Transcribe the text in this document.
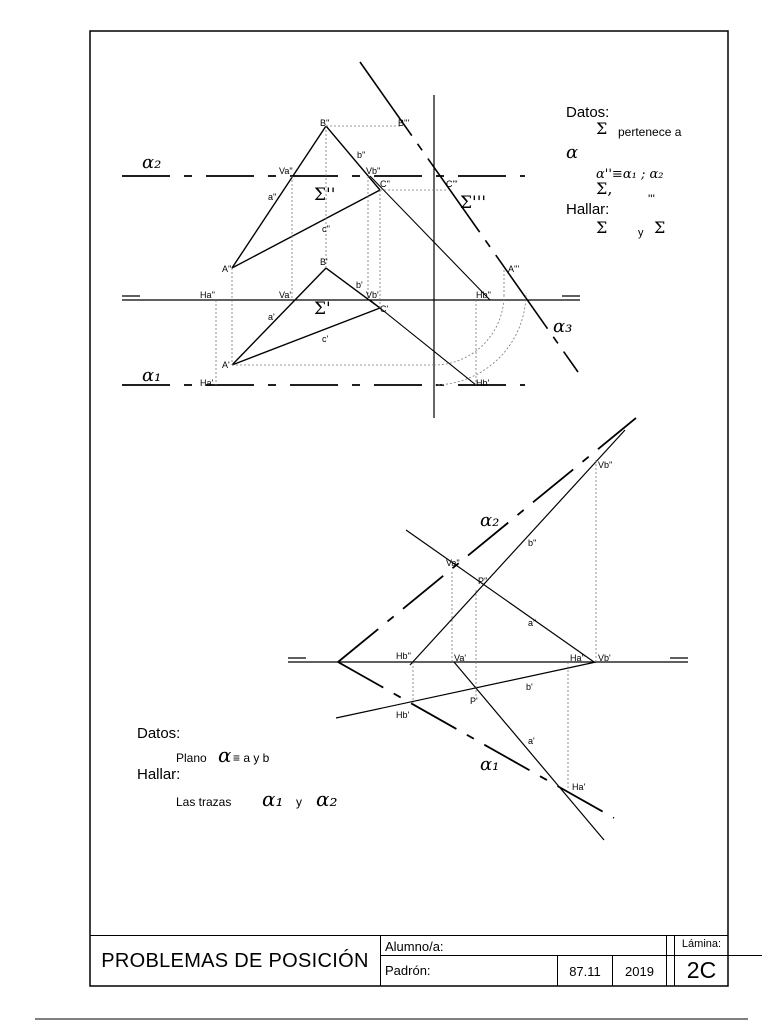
B''	B'''
b''
Va''	Vb''
C''	C'''
a''
c''
A''	A'''
B'
b'
Ha''	Va'	Vb'	Hb''
C'
a'
c'
A'
Ha'	Hb'
α₂
α₁
α₃
Σ''
Σ'
Σ'''
Datos:
Σ pertenece a
α
α''≡α₁ ; α₂
Σ,
'''
Hallar:
Σ	y Σ
Vb''
b''
Va''
P''
a''
Hb''	Va'	Ha'' Vb'
b'
P'
Hb'
a'
Ha'
α₂
α₁
Datos:
Plano α ≡ a y b
Hallar:
Las trazas α₁ y α₂
PROBLEMAS DE POSICIÓN
Alumno/a:
Padrón:	87.11	2019
Lámina:
2C
